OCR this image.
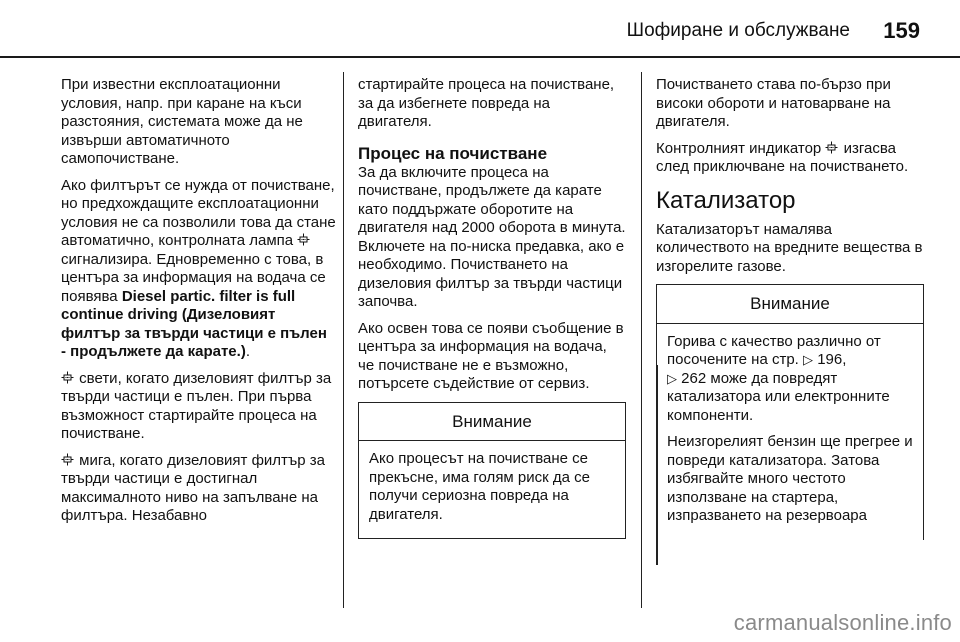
Шофиране и обслужване 159

При известни експлоатационни условия, напр. при каране на къси разстояния, системата може да не извърши автоматичното самопочистване.

Ако филтърът се нужда от почистване, но предхождащите експлоатационни условия не са позволили това да стане автоматично, контролната лампа
сигнализира. Едновременно с това, в центъра за информация на водача се появява Diesel partic. filter is full continue driving (Дизеловият филтър за твърди частици е пълен - продължете да карате.).

свети, когато дизеловият филтър за твърди частици е пълен. При първа възможност стартирайте процеса на почистване.

мига, когато дизеловият филтър за твърди частици е достигнал максималното ниво на запълване на филтъра. Незабавно

стартирайте процеса на почистване, за да избегнете повреда на двигателя.

Процес на почистване

За да включите процеса на почистване, продължете да карате като поддържате оборотите на двигателя над 2000 оборота в минута. Включете на по-ниска предавка, ако е необходимо. Почистването на дизеловия филтър за твърди частици започва.

Ако освен това се появи съобщение в центъра за информация на водача, че почистване не е възможно, потърсете съдействие от сервиз.

Внимание

Ако процесът на почистване се прекъсне, има голям риск да се получи сериозна повреда на двигателя.

Почистването става по-бързо при високи обороти и натоварване на двигателя.

Контролният индикатор изгасва след приключване на почистването.

Катализатор

Катализаторът намалява количеството на вредните вещества в изгорелите газове.

Внимание

Горива с качество различно от посочените на стр. ▷ 196,
▷ 262 може да повредят катализатора или електронните компоненти.

Неизгорелият бензин ще прегрее и повреди катализатора. Затова избягвайте много честото използване на стартера, изпразването на резервоара

carmanualsonline.info
